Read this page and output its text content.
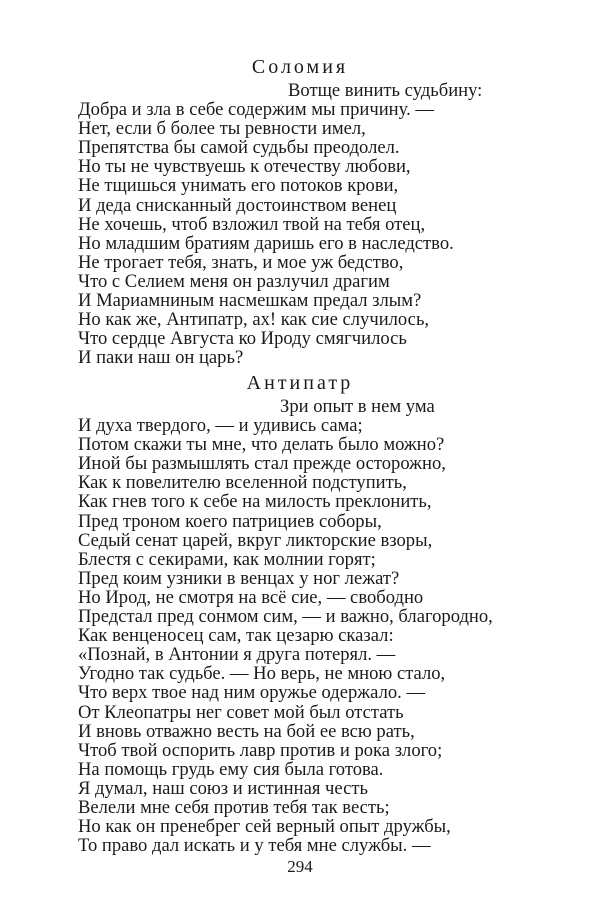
Соломия
Вотще винить судьбину:
Добра и зла в себе содержим мы причину. —
Нет, если б более ты ревности имел,
Препятства бы самой судьбы преодолел.
Но ты не чувствуешь к отечеству любови,
Не тщишься унимать его потоков крови,
И деда снисканный достоинством венец
Не хочешь, чтоб взложил твой на тебя отец,
Но младшим братиям даришь его в наследство.
Не трогает тебя, знать, и мое уж бедство,
Что с Селием меня он разлучил драгим
И Мариамниным насмешкам предал злым?
Но как же, Антипатр, ах! как сие случилось,
Что сердце Августа ко Ироду смягчилось
И паки наш он царь?
Антипатр
Зри опыт в нем ума
И духа твердого, — и удивись сама;
Потом скажи ты мне, что делать было можно?
Иной бы размышлять стал прежде осторожно,
Как к повелителю вселенной подступить,
Как гнев того к себе на милость преклонить,
Пред троном коего патрициев соборы,
Седый сенат царей, вкруг ликторские взоры,
Блестя с секирами, как молнии горят;
Пред коим узники в венцах у ног лежат?
Но Ирод, не смотря на всё сие, — свободно
Предстал пред сонмом сим, — и важно, благородно,
Как венценосец сам, так цезарю сказал:
«Познай, в Антонии я друга потерял. —
Угодно так судьбе. — Но верь, не мною стало,
Что верх твое над ним оружье одержало. —
От Клеопатры нег совет мой был отстать
И вновь отважно весть на бой ее всю рать,
Чтоб твой оспорить лавр против и рока злого;
На помощь грудь ему сия была готова.
Я думал, наш союз и истинная честь
Велели мне себя против тебя так весть;
Но как он пренебрег сей верный опыт дружбы,
То право дал искать и у тебя мне службы. —
294
